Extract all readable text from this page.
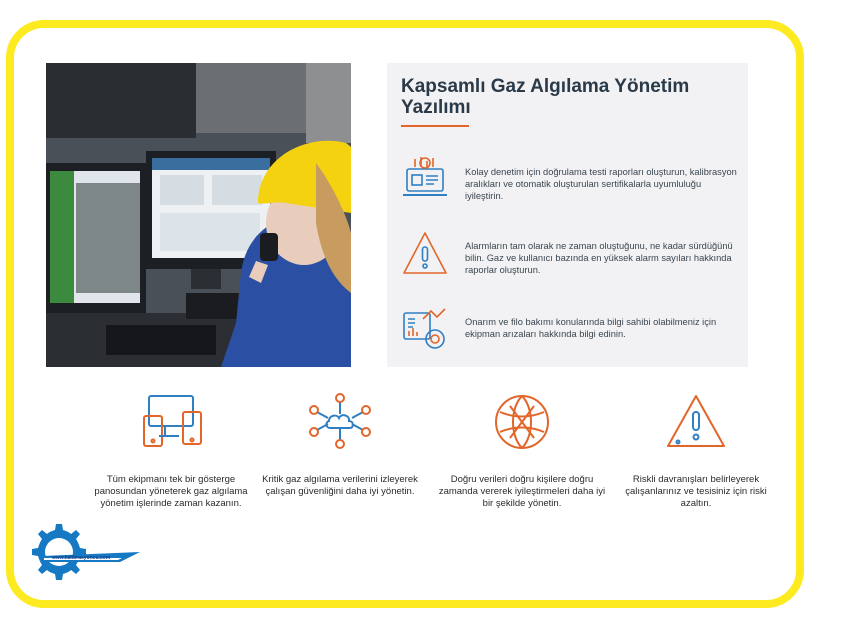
Kapsamlı Gaz Algılama Yönetim Yazılımı

Kolay denetim için doğrulama testi raporları oluşturun, kalibrasyon aralıkları ve otomatik oluşturulan sertifikalarla uyumluluğu iyileştirin.

Alarmların tam olarak ne zaman oluştuğunu, ne kadar sürdüğünü bilin. Gaz ve kullanıcı bazında en yüksek alarm sayıları hakkında raporlar oluşturun.

Onarım ve filo bakımı konularında bilgi sahibi olabilmeniz için ekipman arızaları hakkında bilgi edinin.

Tüm ekipmanı tek bir gösterge panosundan yöneterek gaz algılama yönetim işlerinde zaman kazanın.

Kritik gaz algılama verilerini izleyerek çalışan güvenliğini daha iyi yönetin.

Doğru verileri doğru kişilere doğru zamanda vererek iyileştirmeleri daha iyi bir şekilde yönetin.

Riskli davranışları belirleyerek çalışanlarınız ve tesisiniz için riski azaltın.

www.kalibrasyoncu.com
